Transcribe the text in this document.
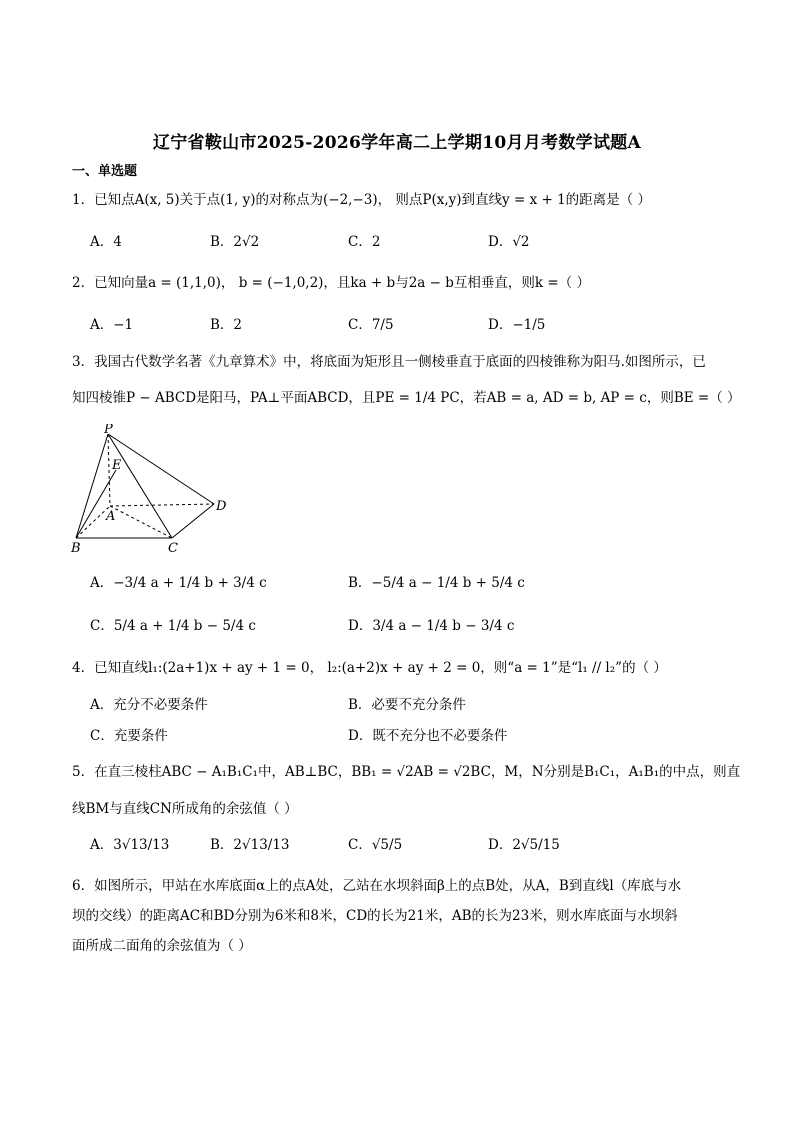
辽宁省鞍山市2025-2026学年高二上学期10月月考数学试题A
一、单选题
1．已知点A(x, 5)关于点(1, y)的对称点为(−2,−3)， 则点P(x,y)到直线y = x + 1的距离是（ ）
A．4	B．2√2	C．2	D．√2
2．已知向量a = (1,1,0)， b = (−1,0,2)，且ka + b与2a − b互相垂直，则k =（ ）
A．−1	B．2	C．7/5	D．−1/5
3．我国古代数学名著《九章算术》中，将底面为矩形且一侧棱垂直于底面的四棱锥称为阳马.如图所示，已
知四棱锥P − ABCD是阳马，PA⊥平面ABCD，且PE = 1/4 PC，若AB = a, AD = b, AP = c，则BE =（ ）
P
E
A
B	C
D
A．−3/4 a + 1/4 b + 3/4 c	B．−5/4 a − 1/4 b + 5/4 c
C．5/4 a + 1/4 b − 5/4 c	D．3/4 a − 1/4 b − 3/4 c
4．已知直线l₁:(2a+1)x + ay + 1 = 0， l₂:(a+2)x + ay + 2 = 0，则“a = 1”是“l₁ // l₂”的（ ）
A．充分不必要条件	B．必要不充分条件
C．充要条件	D．既不充分也不必要条件
5．在直三棱柱ABC − A₁B₁C₁中，AB⊥BC，BB₁ = √2AB = √2BC，M，N分别是B₁C₁，A₁B₁的中点，则直
线BM与直线CN所成角的余弦值（ ）
A．3√13/13	B．2√13/13	C．√5/5	D．2√5/15
6．如图所示，甲站在水库底面α上的点A处，乙站在水坝斜面β上的点B处，从A，B到直线l（库底与水
坝的交线）的距离AC和BD分别为6米和8米，CD的长为21米，AB的长为23米，则水库底面与水坝斜
面所成二面角的余弦值为（ ）
